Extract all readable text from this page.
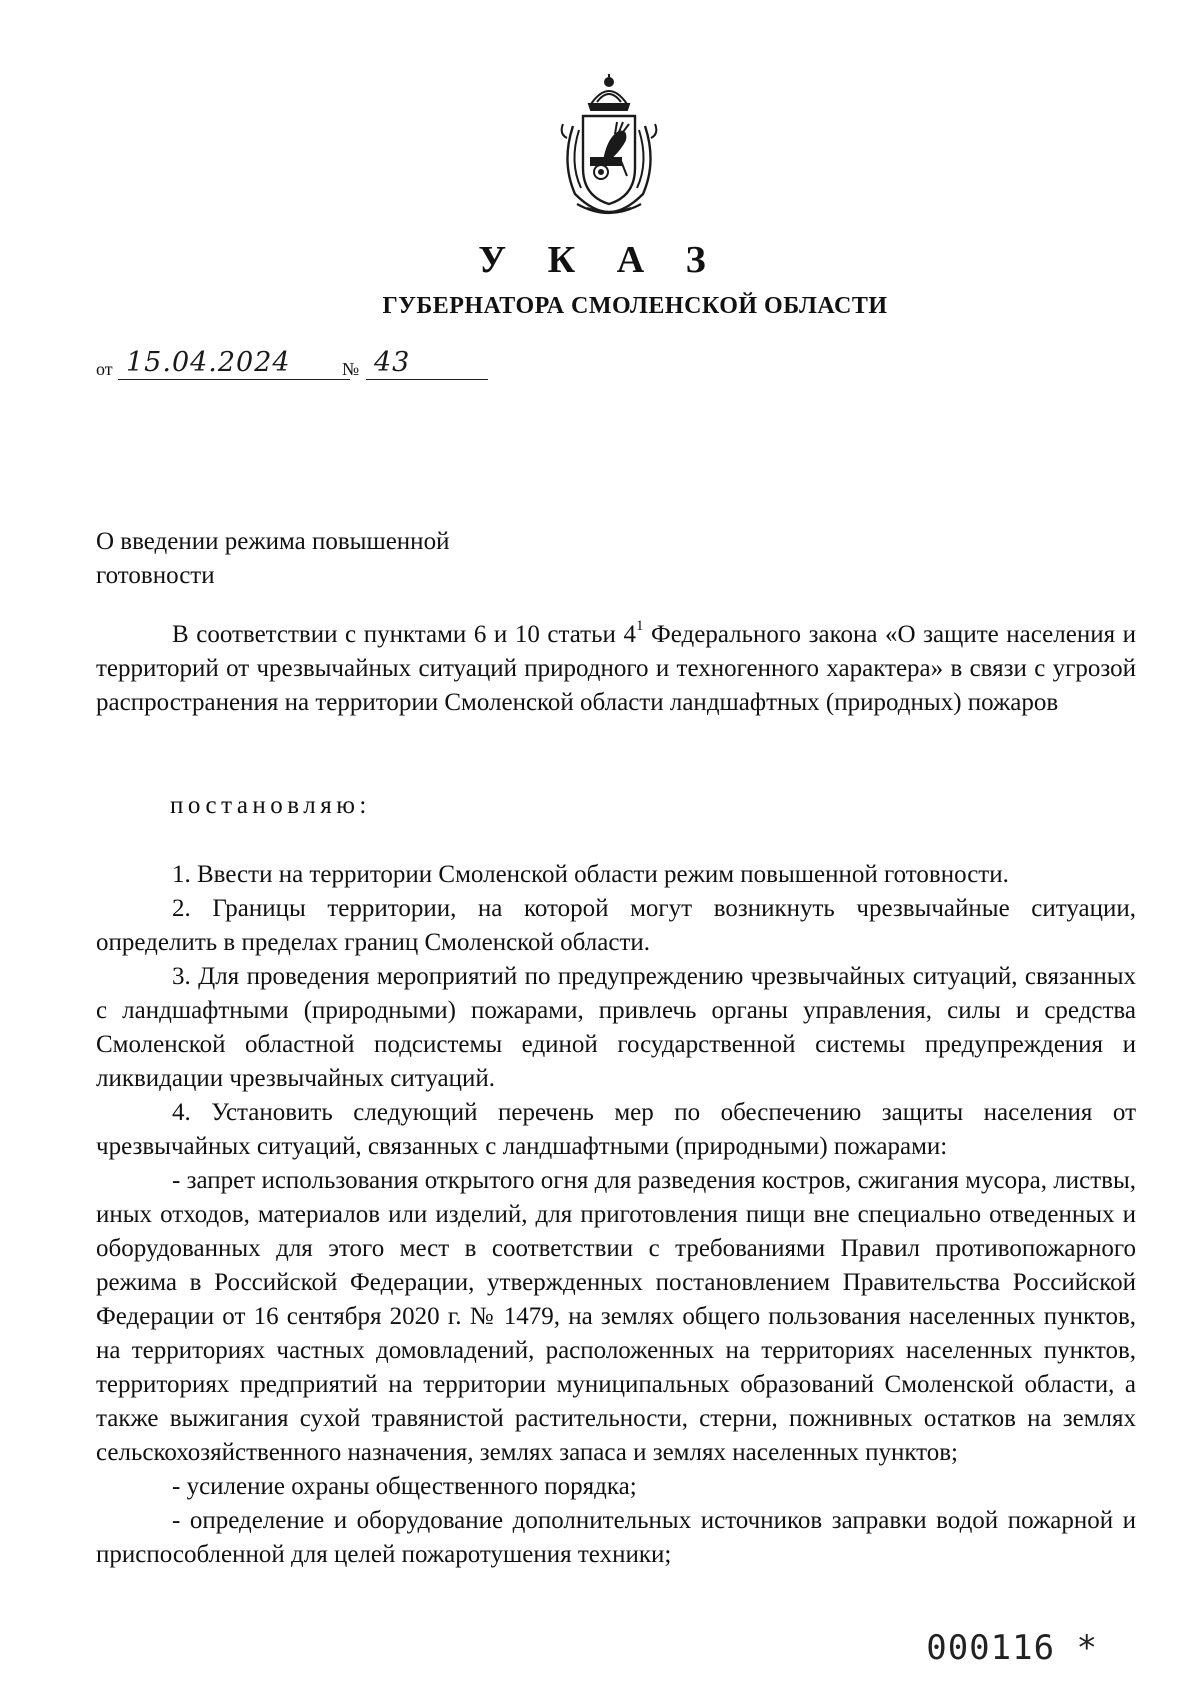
У К А З
ГУБЕРНАТОРА СМОЛЕНСКОЙ ОБЛАСТИ
от 15.04.2024	№ 43
О введении режима повышенной
готовности

В соответствии с пунктами 6 и 10 статьи $4^1$ Федерального закона «О защите населения и территорий от чрезвычайных ситуаций природного и техногенного характера» в связи с угрозой распространения на территории Смоленской области ландшафтных (природных) пожаров

постановляю:

1. Ввести на территории Смоленской области режим повышенной готовности.

2. Границы территории, на которой могут возникнуть чрезвычайные ситуации, определить в пределах границ Смоленской области.

3. Для проведения мероприятий по предупреждению чрезвычайных ситуаций, связанных с ландшафтными (природными) пожарами, привлечь органы управления, силы и средства Смоленской областной подсистемы единой государственной системы предупреждения и ликвидации чрезвычайных ситуаций.

4. Установить следующий перечень мер по обеспечению защиты населения от чрезвычайных ситуаций, связанных с ландшафтными (природными) пожарами:

- запрет использования открытого огня для разведения костров, сжигания мусора, листвы, иных отходов, материалов или изделий, для приготовления пищи вне специально отведенных и оборудованных для этого мест в соответствии с требованиями Правил противопожарного режима в Российской Федерации, утвержденных постановлением Правительства Российской Федерации от 16 сентября 2020 г. № 1479, на землях общего пользования населенных пунктов, на территориях частных домовладений, расположенных на территориях населенных пунктов, территориях предприятий на территории муниципальных образований Смоленской области, а также выжигания сухой травянистой растительности, стерни, пожнивных остатков на землях сельскохозяйственного назначения, землях запаса и землях населенных пунктов;

- усиление охраны общественного порядка;

- определение и оборудование дополнительных источников заправки водой пожарной и приспособленной для целей пожаротушения техники;

000116 *
